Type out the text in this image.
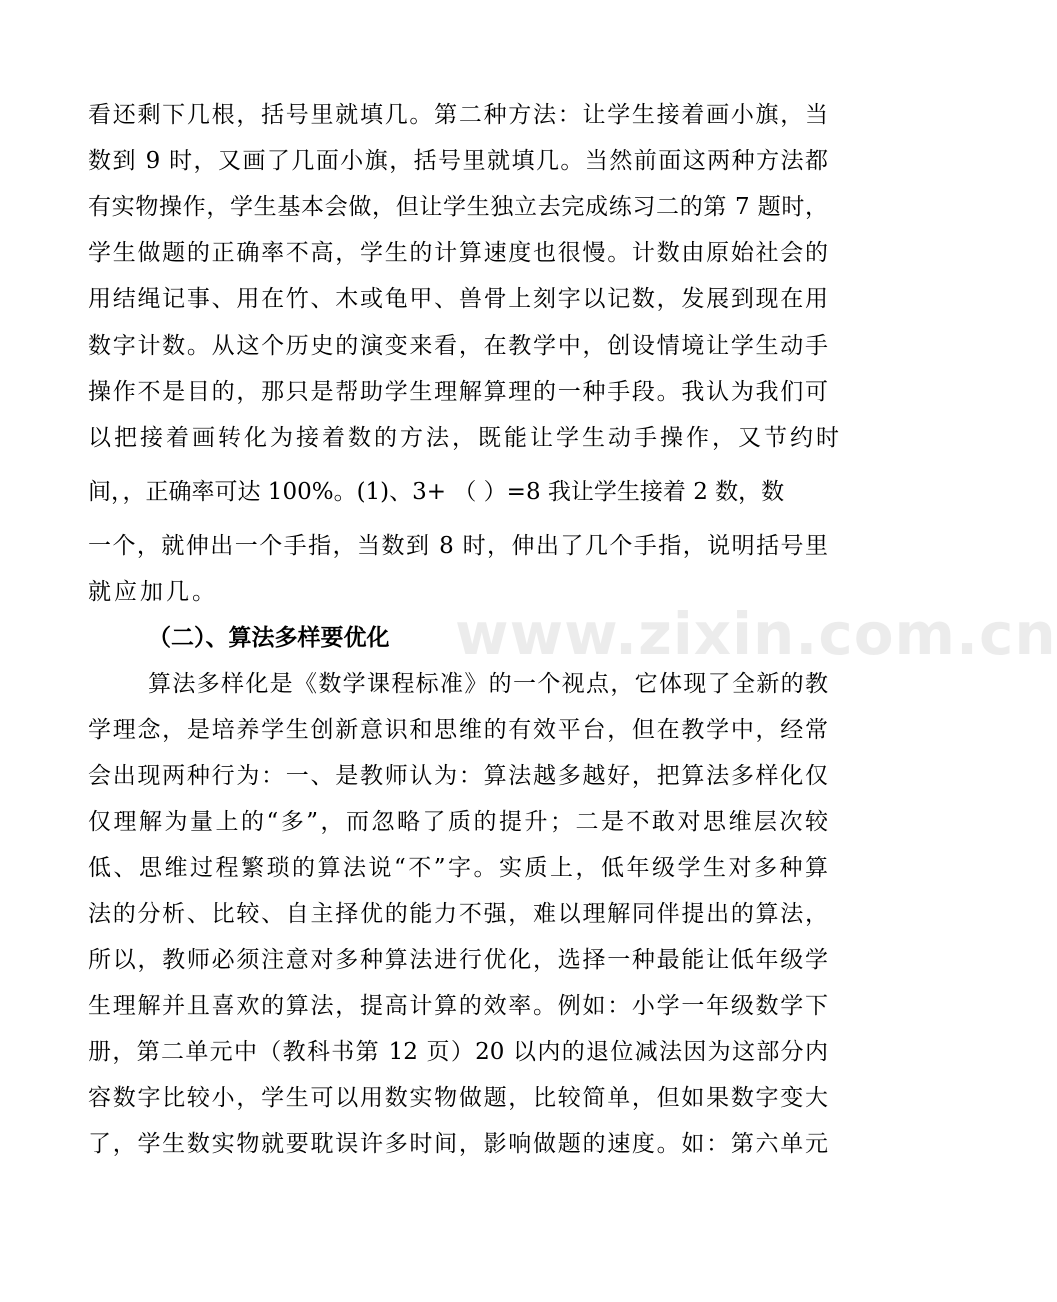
www.zixin.com.cn
看还剩下几根，括号里就填几。第二种方法：让学生接着画小旗，当
数到 9 时，又画了几面小旗，括号里就填几。当然前面这两种方法都
有实物操作，学生基本会做，但让学生独立去完成练习二的第 7 题时，
学生做题的正确率不高，学生的计算速度也很慢。计数由原始社会的
用结绳记事、用在竹、木或龟甲、兽骨上刻字以记数，发展到现在用
数字计数。从这个历史的演变来看，在教学中，创设情境让学生动手
操作不是目的，那只是帮助学生理解算理的一种手段。我认为我们可
以把接着画转化为接着数的方法，既能让学生动手操作，又节约时
间，，正确率可达 100%。(1)、3+ （ ）=8 我让学生接着 2 数，数
一个，就伸出一个手指，当数到 8 时，伸出了几个手指，说明括号里
就应加几。
（二）、算法多样要优化
算法多样化是《数学课程标准》的一个视点，它体现了全新的教
学理念，是培养学生创新意识和思维的有效平台，但在教学中，经常
会出现两种行为：一、是教师认为：算法越多越好，把算法多样化仅
仅理解为量上的“多”，而忽略了质的提升；二是不敢对思维层次较
低、思维过程繁琐的算法说“不”字。实质上，低年级学生对多种算
法的分析、比较、自主择优的能力不强，难以理解同伴提出的算法，
所以，教师必须注意对多种算法进行优化，选择一种最能让低年级学
生理解并且喜欢的算法，提高计算的效率。例如：小学一年级数学下
册，第二单元中（教科书第 12 页）20 以内的退位减法因为这部分内
容数字比较小，学生可以用数实物做题，比较简单，但如果数字变大
了，学生数实物就要耽误许多时间，影响做题的速度。如：第六单元
